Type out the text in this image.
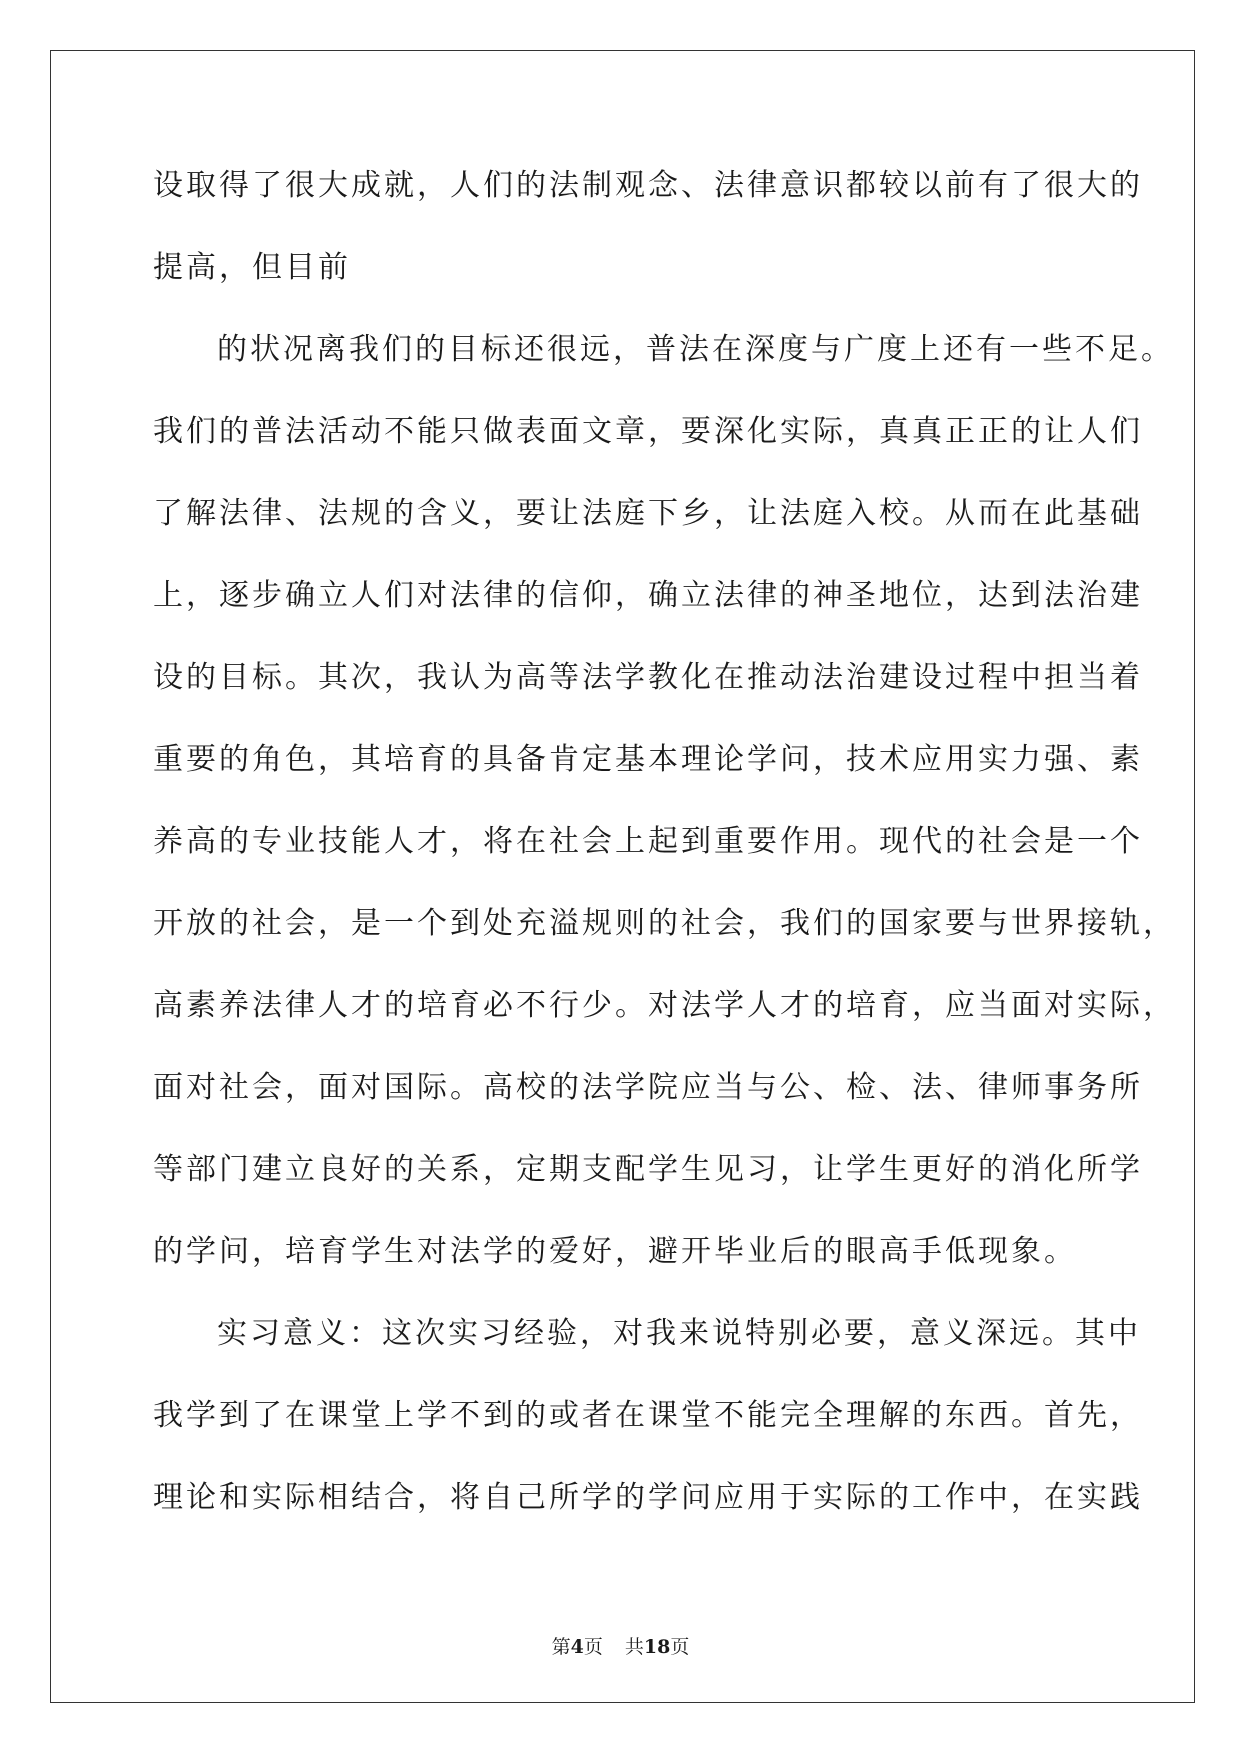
设取得了很大成就，人们的法制观念、法律意识都较以前有了很大的
提高，但目前
的状况离我们的目标还很远，普法在深度与广度上还有一些不足。
我们的普法活动不能只做表面文章，要深化实际，真真正正的让人们
了解法律、法规的含义，要让法庭下乡，让法庭入校。从而在此基础
上，逐步确立人们对法律的信仰，确立法律的神圣地位，达到法治建
设的目标。其次，我认为高等法学教化在推动法治建设过程中担当着
重要的角色，其培育的具备肯定基本理论学问，技术应用实力强、素
养高的专业技能人才，将在社会上起到重要作用。现代的社会是一个
开放的社会，是一个到处充溢规则的社会，我们的国家要与世界接轨，
高素养法律人才的培育必不行少。对法学人才的培育，应当面对实际，
面对社会，面对国际。高校的法学院应当与公、检、法、律师事务所
等部门建立良好的关系，定期支配学生见习，让学生更好的消化所学
的学问，培育学生对法学的爱好，避开毕业后的眼高手低现象。
实习意义：这次实习经验，对我来说特别必要，意义深远。其中
我学到了在课堂上学不到的或者在课堂不能完全理解的东西。首先，
理论和实际相结合，将自己所学的学问应用于实际的工作中，在实践
第4页 共18页
